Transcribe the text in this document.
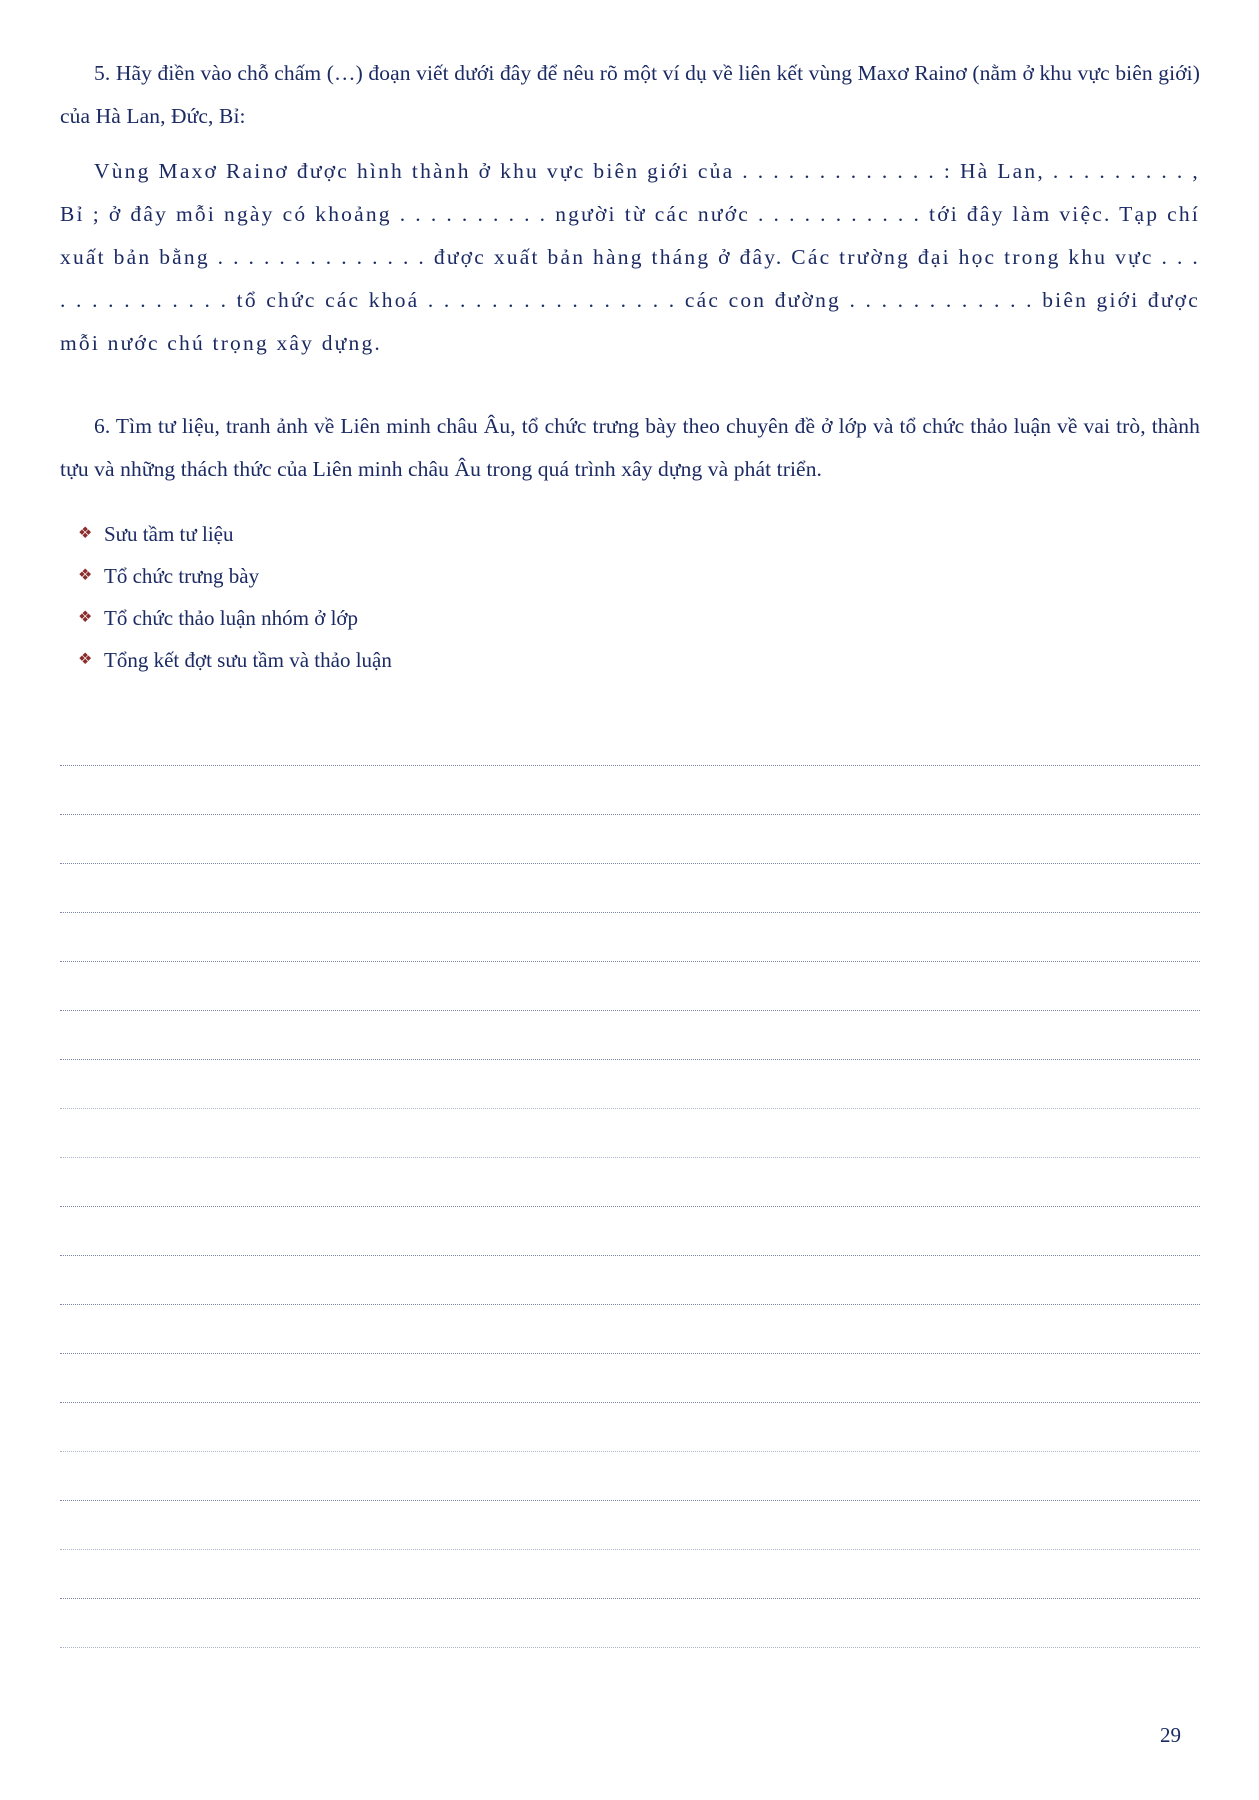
5. Hãy điền vào chỗ chấm (…) đoạn viết dưới đây để nêu rõ một ví dụ về liên kết vùng Maxơ Rainơ (nằm ở khu vực biên giới) của Hà Lan, Đức, Bỉ:
Vùng Maxơ Rainơ được hình thành ở khu vực biên giới của . . . . . . . . . . . . . : Hà Lan, . . . . . . . . . , Bỉ ; ở đây mỗi ngày có khoảng . . . . . . . . . . người từ các nước . . . . . . . . . . . tới đây làm việc. Tạp chí xuất bản bằng . . . . . . . . . . . . . . được xuất bản hàng tháng ở đây. Các trường đại học trong khu vực . . . . . . . . . . . . . . tổ chức các khoá . . . . . . . . . . . . . . . . các con đường . . . . . . . . . . . . biên giới được mỗi nước chú trọng xây dựng.
6. Tìm tư liệu, tranh ảnh về Liên minh châu Âu, tổ chức trưng bày theo chuyên đề ở lớp và tổ chức thảo luận về vai trò, thành tựu và những thách thức của Liên minh châu Âu trong quá trình xây dựng và phát triển.
❖ Sưu tầm tư liệu
❖ Tổ chức trưng bày
❖ Tổ chức thảo luận nhóm ở lớp
❖ Tổng kết đợt sưu tầm và thảo luận
29
